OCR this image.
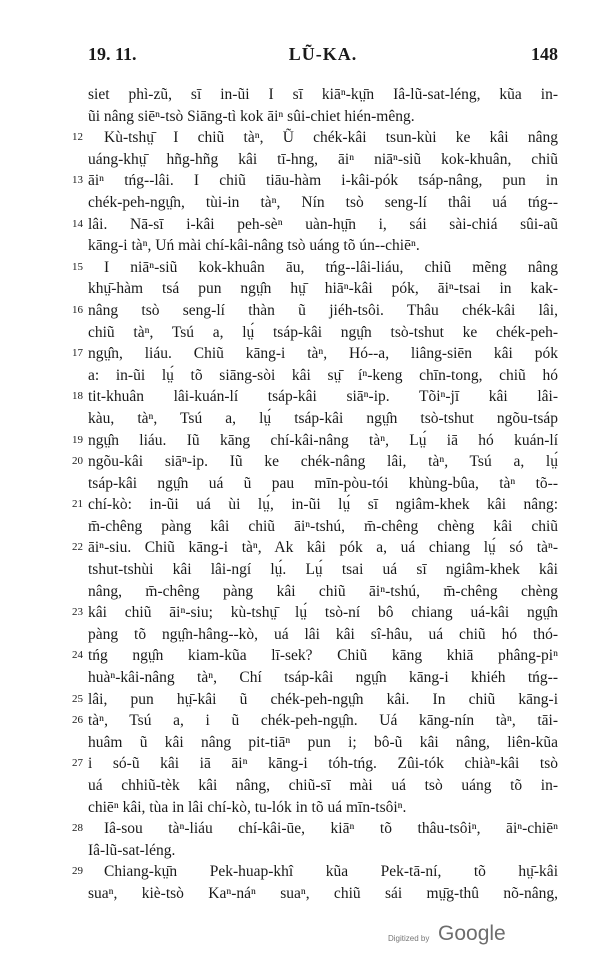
19. 11.	LŨ-KA.	148
siet phì-zũ, sī in-ũi I sī kiāⁿ-kṳ̄n Iâ-lũ-sat-léng, kũa in-
ũi nâng siēⁿ-tsò Siāng-tì kok āiⁿ sûi-chiet hién-mêng.
12 Kù-tshṳ̄ I chiũ tàⁿ, Ũ chék-kâi tsun-kùi ke kâi nâng
uáng-khṳ̄ hñg-hñg kâi tī-hng, āiⁿ niāⁿ-siũ kok-khuân, chiũ
13 āiⁿ tńg--lâi. I chiũ tiāu-hàm i-kâi-pók tsáp-nâng, pun in
chék-peh-ngṳ̂n, tùi-in tàⁿ, Nín tsò seng-lí thâi uá tńg--
14 lâi. Nā-sī i-kâi peh-sèⁿ uàn-hṳ̄n i, sái sài-chiá sûi-aũ
kāng-i tàⁿ, Uń mài chí-kâi-nâng tsò uáng tõ ún--chiēⁿ.
15 I niāⁿ-siũ kok-khuân āu, tńg--lâi-liáu, chiũ mẽng nâng
khṳ̄-hàm tsá pun ngṳ̂n hṳ̄ hiāⁿ-kâi pók, āiⁿ-tsai in kak-
16 nâng tsò seng-lí thàn ũ jiéh-tsôi. Thâu chék-kâi lâi,
chiũ tàⁿ, Tsú a, lṳ́ tsáp-kâi ngṳ̂n tsò-tshut ke chék-peh-
17 ngṳ̂n, liáu. Chiũ kāng-i tàⁿ, Hó--a, liâng-siēn kâi pók
a: in-ũi lṳ́ tõ siāng-sòi kâi sṳ̄ íⁿ-keng chīn-tong, chiũ hó
18 tit-khuân lâi-kuán-lí tsáp-kâi siāⁿ-ip. Tõiⁿ-jī kâi lâi-
kàu, tàⁿ, Tsú a, lṳ́ tsáp-kâi ngṳ̂n tsò-tshut ngõu-tsáp
19 ngṳ̂n liáu. Iũ kāng chí-kâi-nâng tàⁿ, Lṳ́ iā hó kuán-lí
20 ngõu-kâi siāⁿ-ip. Iũ ke chék-nâng lâi, tàⁿ, Tsú a, lṳ́
tsáp-kâi ngṳ̂n uá ũ pau mīn-pòu-tói khùng-bûa, tàⁿ tõ--
21 chí-kò: in-ũi uá ùi lṳ́, in-ũi lṳ́ sī ngiâm-khek kâi nâng:
m̄-chêng pàng kâi chiũ āiⁿ-tshú, m̄-chêng chèng kâi chiũ
22 āiⁿ-siu. Chiũ kāng-i tàⁿ, Ak kâi pók a, uá chiang lṳ́ só tàⁿ-
tshut-tshùi kâi lâi-ngí lṳ́. Lṳ́ tsai uá sī ngiâm-khek kâi
nâng, m̄-chêng pàng kâi chiũ āiⁿ-tshú, m̄-chêng chèng
23 kâi chiũ āiⁿ-siu; kù-tshṳ̄ lṳ́ tsò-ní bô chiang uá-kâi ngṳ̂n
pàng tõ ngṳ̂n-hâng--kò, uá lâi kâi sî-hâu, uá chiũ hó thó-
24 tńg ngṳ̂n kiam-kũa lī-sek? Chiũ kāng khiā phâng-piⁿ
huàⁿ-kâi-nâng tàⁿ, Chí tsáp-kâi ngṳ̂n kāng-i khiéh tńg--
25 lâi, pun hṳ̄-kâi ũ chék-peh-ngṳ̂n kâi. In chiũ kāng-i
26 tàⁿ, Tsú a, i ũ chék-peh-ngṳ̂n. Uá kāng-nín tàⁿ, tāi-
huâm ũ kâi nâng pit-tiāⁿ pun i; bô-ũ kâi nâng, liên-kũa
27 i só-ũ kâi iā āiⁿ kāng-i tóh-tńg. Zûi-tók chiàⁿ-kâi tsò
uá chhiũ-tèk kâi nâng, chiũ-sī mài uá tsò uáng tõ in-
chiēⁿ kâi, tùa in lâi chí-kò, tu-lók in tõ uá mīn-tsôiⁿ.
28 Iâ-sou tàⁿ-liáu chí-kâi-ūe, kiāⁿ tõ thâu-tsôiⁿ, āiⁿ-chiēⁿ
Iâ-lũ-sat-léng.
29 Chiang-kṳ̄n Pek-huap-khî kũa Pek-tā-ní, tõ hṳ̄-kâi
suaⁿ, kiè-tsò Kaⁿ-náⁿ suaⁿ, chiũ sái mṳ̄g-thû nõ-nâng,
Digitized by Google
